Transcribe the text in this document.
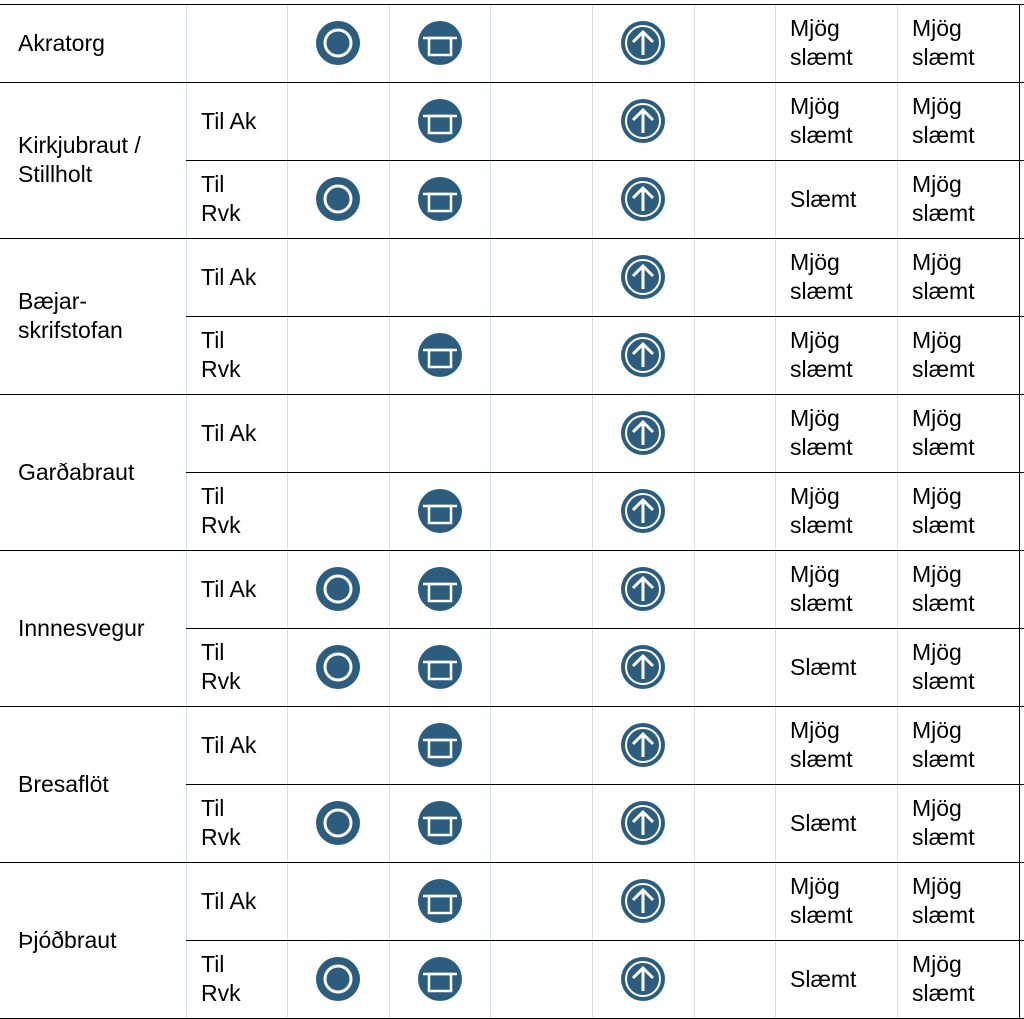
Akratorg
Mjög
slæmt
Mjög
slæmt
Kirkjubraut /
Stillholt
Til Ak
Mjög
slæmt
Mjög
slæmt
Til
Rvk
Slæmt
Mjög
slæmt
Bæjar-
skrifstofan
Til Ak
Mjög
slæmt
Mjög
slæmt
Til
Rvk
Mjög
slæmt
Mjög
slæmt
Garðabraut
Til Ak
Mjög
slæmt
Mjög
slæmt
Til
Rvk
Mjög
slæmt
Mjög
slæmt
Innnesvegur
Til Ak
Mjög
slæmt
Mjög
slæmt
Til
Rvk
Slæmt
Mjög
slæmt
Bresaflöt
Til Ak
Mjög
slæmt
Mjög
slæmt
Til
Rvk
Slæmt
Mjög
slæmt
Þjóðbraut
Til Ak
Mjög
slæmt
Mjög
slæmt
Til
Rvk
Slæmt
Mjög
slæmt
